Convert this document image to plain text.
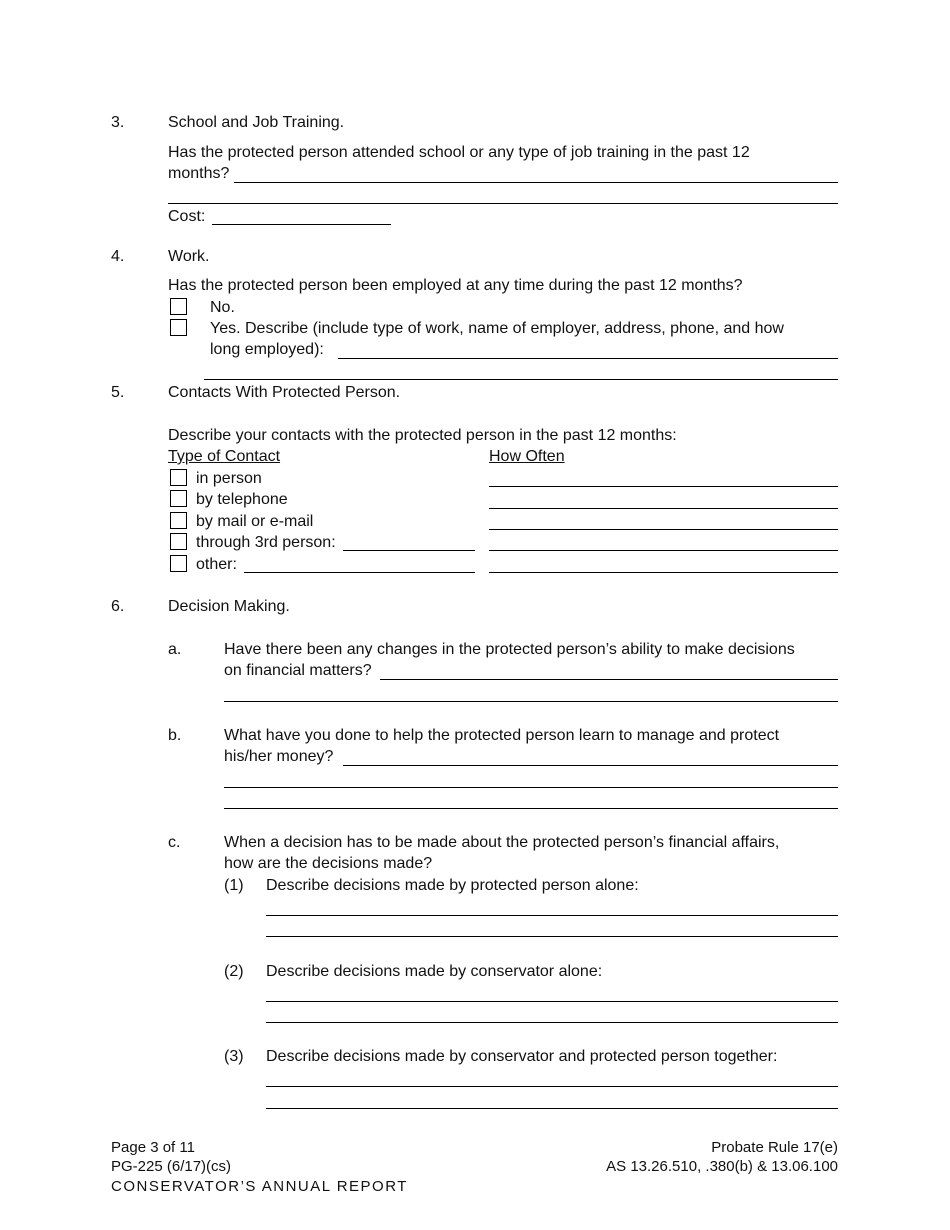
3.	School and Job Training.
Has the protected person attended school or any type of job training in the past 12
months?
Cost:
4.	Work.
Has the protected person been employed at any time during the past 12 months?
No.
Yes. Describe (include type of work, name of employer, address, phone, and how
long employed):
5.	Contacts With Protected Person.
Describe your contacts with the protected person in the past 12 months:
Type of Contact	How Often
in person
by telephone
by mail or e-mail
through 3rd person:
other:
6.	Decision Making.
a.	Have there been any changes in the protected person’s ability to make decisions
on financial matters?
b.	What have you done to help the protected person learn to manage and protect
his/her money?
c.	When a decision has to be made about the protected person’s financial affairs,
how are the decisions made?
(1) Describe decisions made by protected person alone:
(2) Describe decisions made by conservator alone:
(3) Describe decisions made by conservator and protected person together:
Page 3 of 11
PG-225 (6/17)(cs)
CONSERVATOR’S ANNUAL REPORT
Probate Rule 17(e)
AS 13.26.510, .380(b) & 13.06.100
